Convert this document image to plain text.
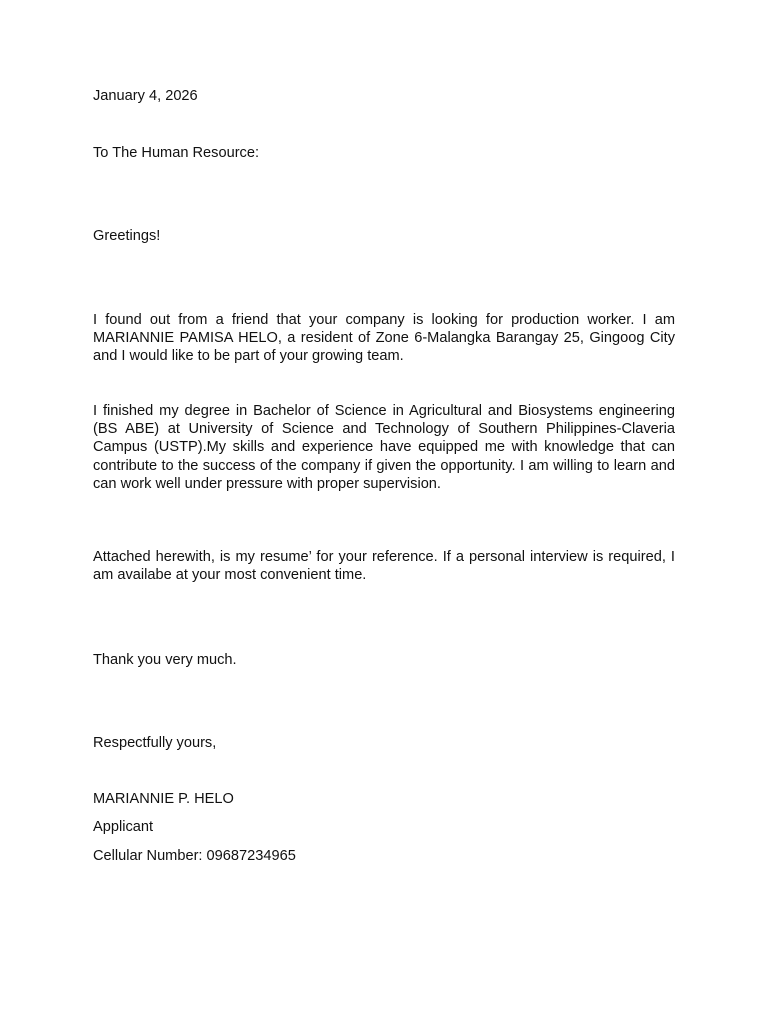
January 4, 2026

To The Human Resource:

Greetings!

I found out from a friend that your company is looking for production worker. I am MARIANNIE PAMISA HELO, a resident of Zone 6-Malangka Barangay 25, Gingoog City and I would like to be part of your growing team.

I finished my degree in Bachelor of Science in Agricultural and Biosystems engineering (BS ABE) at University of Science and Technology of Southern Philippines-Claveria Campus (USTP).My skills and experience have equipped me with knowledge that can contribute to the success of the company if given the opportunity. I am willing to learn and can work well under pressure with proper supervision.

Attached herewith, is my resume’ for your reference. If a personal interview is required, I am availabe at your most convenient time.

Thank you very much.

Respectfully yours,

MARIANNIE P. HELO

Applicant

Cellular Number: 09687234965
